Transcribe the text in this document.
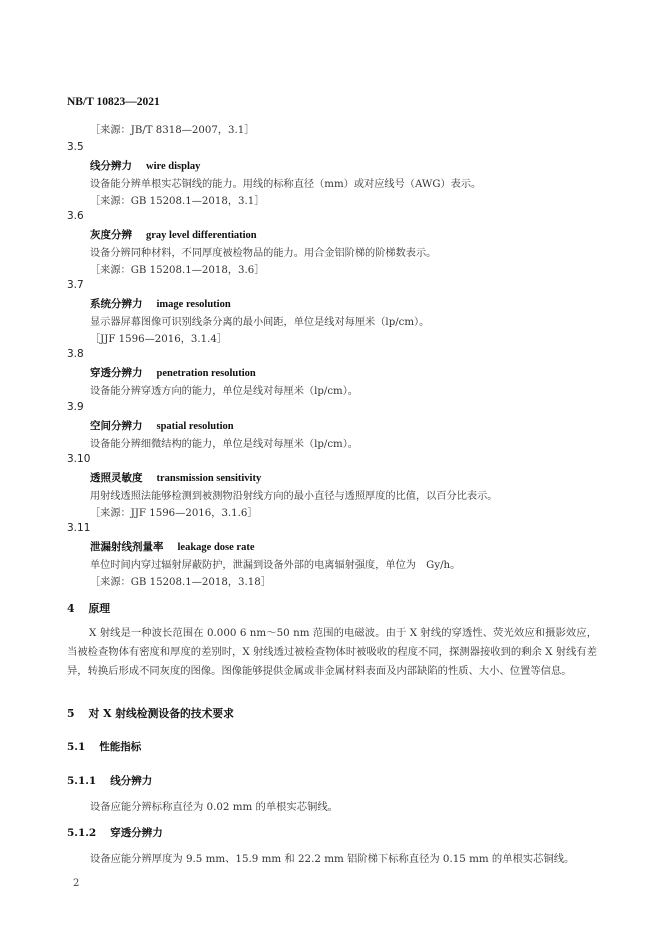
NB/T 10823—2021
［来源：JB/T 8318—2007，3.1］
3.5
线分辨力 wire display
设备能分辨单根实芯铜线的能力。用线的标称直径（mm）或对应线号（AWG）表示。
［来源：GB 15208.1—2018，3.1］
3.6
灰度分辨 gray level differentiation
设备分辨同种材料，不同厚度被检物品的能力。用合金铝阶梯的阶梯数表示。
［来源：GB 15208.1—2018，3.6］
3.7
系统分辨力 image resolution
显示器屏幕图像可识别线条分离的最小间距，单位是线对每厘米（lp/cm）。
［JJF 1596—2016，3.1.4］
3.8
穿透分辨力 penetration resolution
设备能分辨穿透方向的能力，单位是线对每厘米（lp/cm）。
3.9
空间分辨力 spatial resolution
设备能分辨细微结构的能力，单位是线对每厘米（lp/cm）。
3.10
透照灵敏度 transmission sensitivity
用射线透照法能够检测到被测物沿射线方向的最小直径与透照厚度的比值，以百分比表示。
［来源：JJF 1596—2016，3.1.6］
3.11
泄漏射线剂量率 leakage dose rate
单位时间内穿过辐射屏蔽防护，泄漏到设备外部的电离辐射强度，单位为　Gy/h。
［来源：GB 15208.1—2018，3.18］
4 原理
X 射线是一种波长范围在 0.000 6 nm～50 nm 范围的电磁波。由于 X 射线的穿透性、荧光效应和摄影效应，当被检查物体有密度和厚度的差别时，X 射线透过被检查物体时被吸收的程度不同，探测器接收到的剩余 X 射线有差异，转换后形成不同灰度的图像。图像能够提供金属或非金属材料表面及内部缺陷的性质、大小、位置等信息。
5 对 X 射线检测设备的技术要求
5.1 性能指标
5.1.1 线分辨力
设备应能分辨标称直径为 0.02 mm 的单根实芯铜线。
5.1.2 穿透分辨力
设备应能分辨厚度为 9.5 mm、15.9 mm 和 22.2 mm 铝阶梯下标称直径为 0.15 mm 的单根实芯铜线。
2
